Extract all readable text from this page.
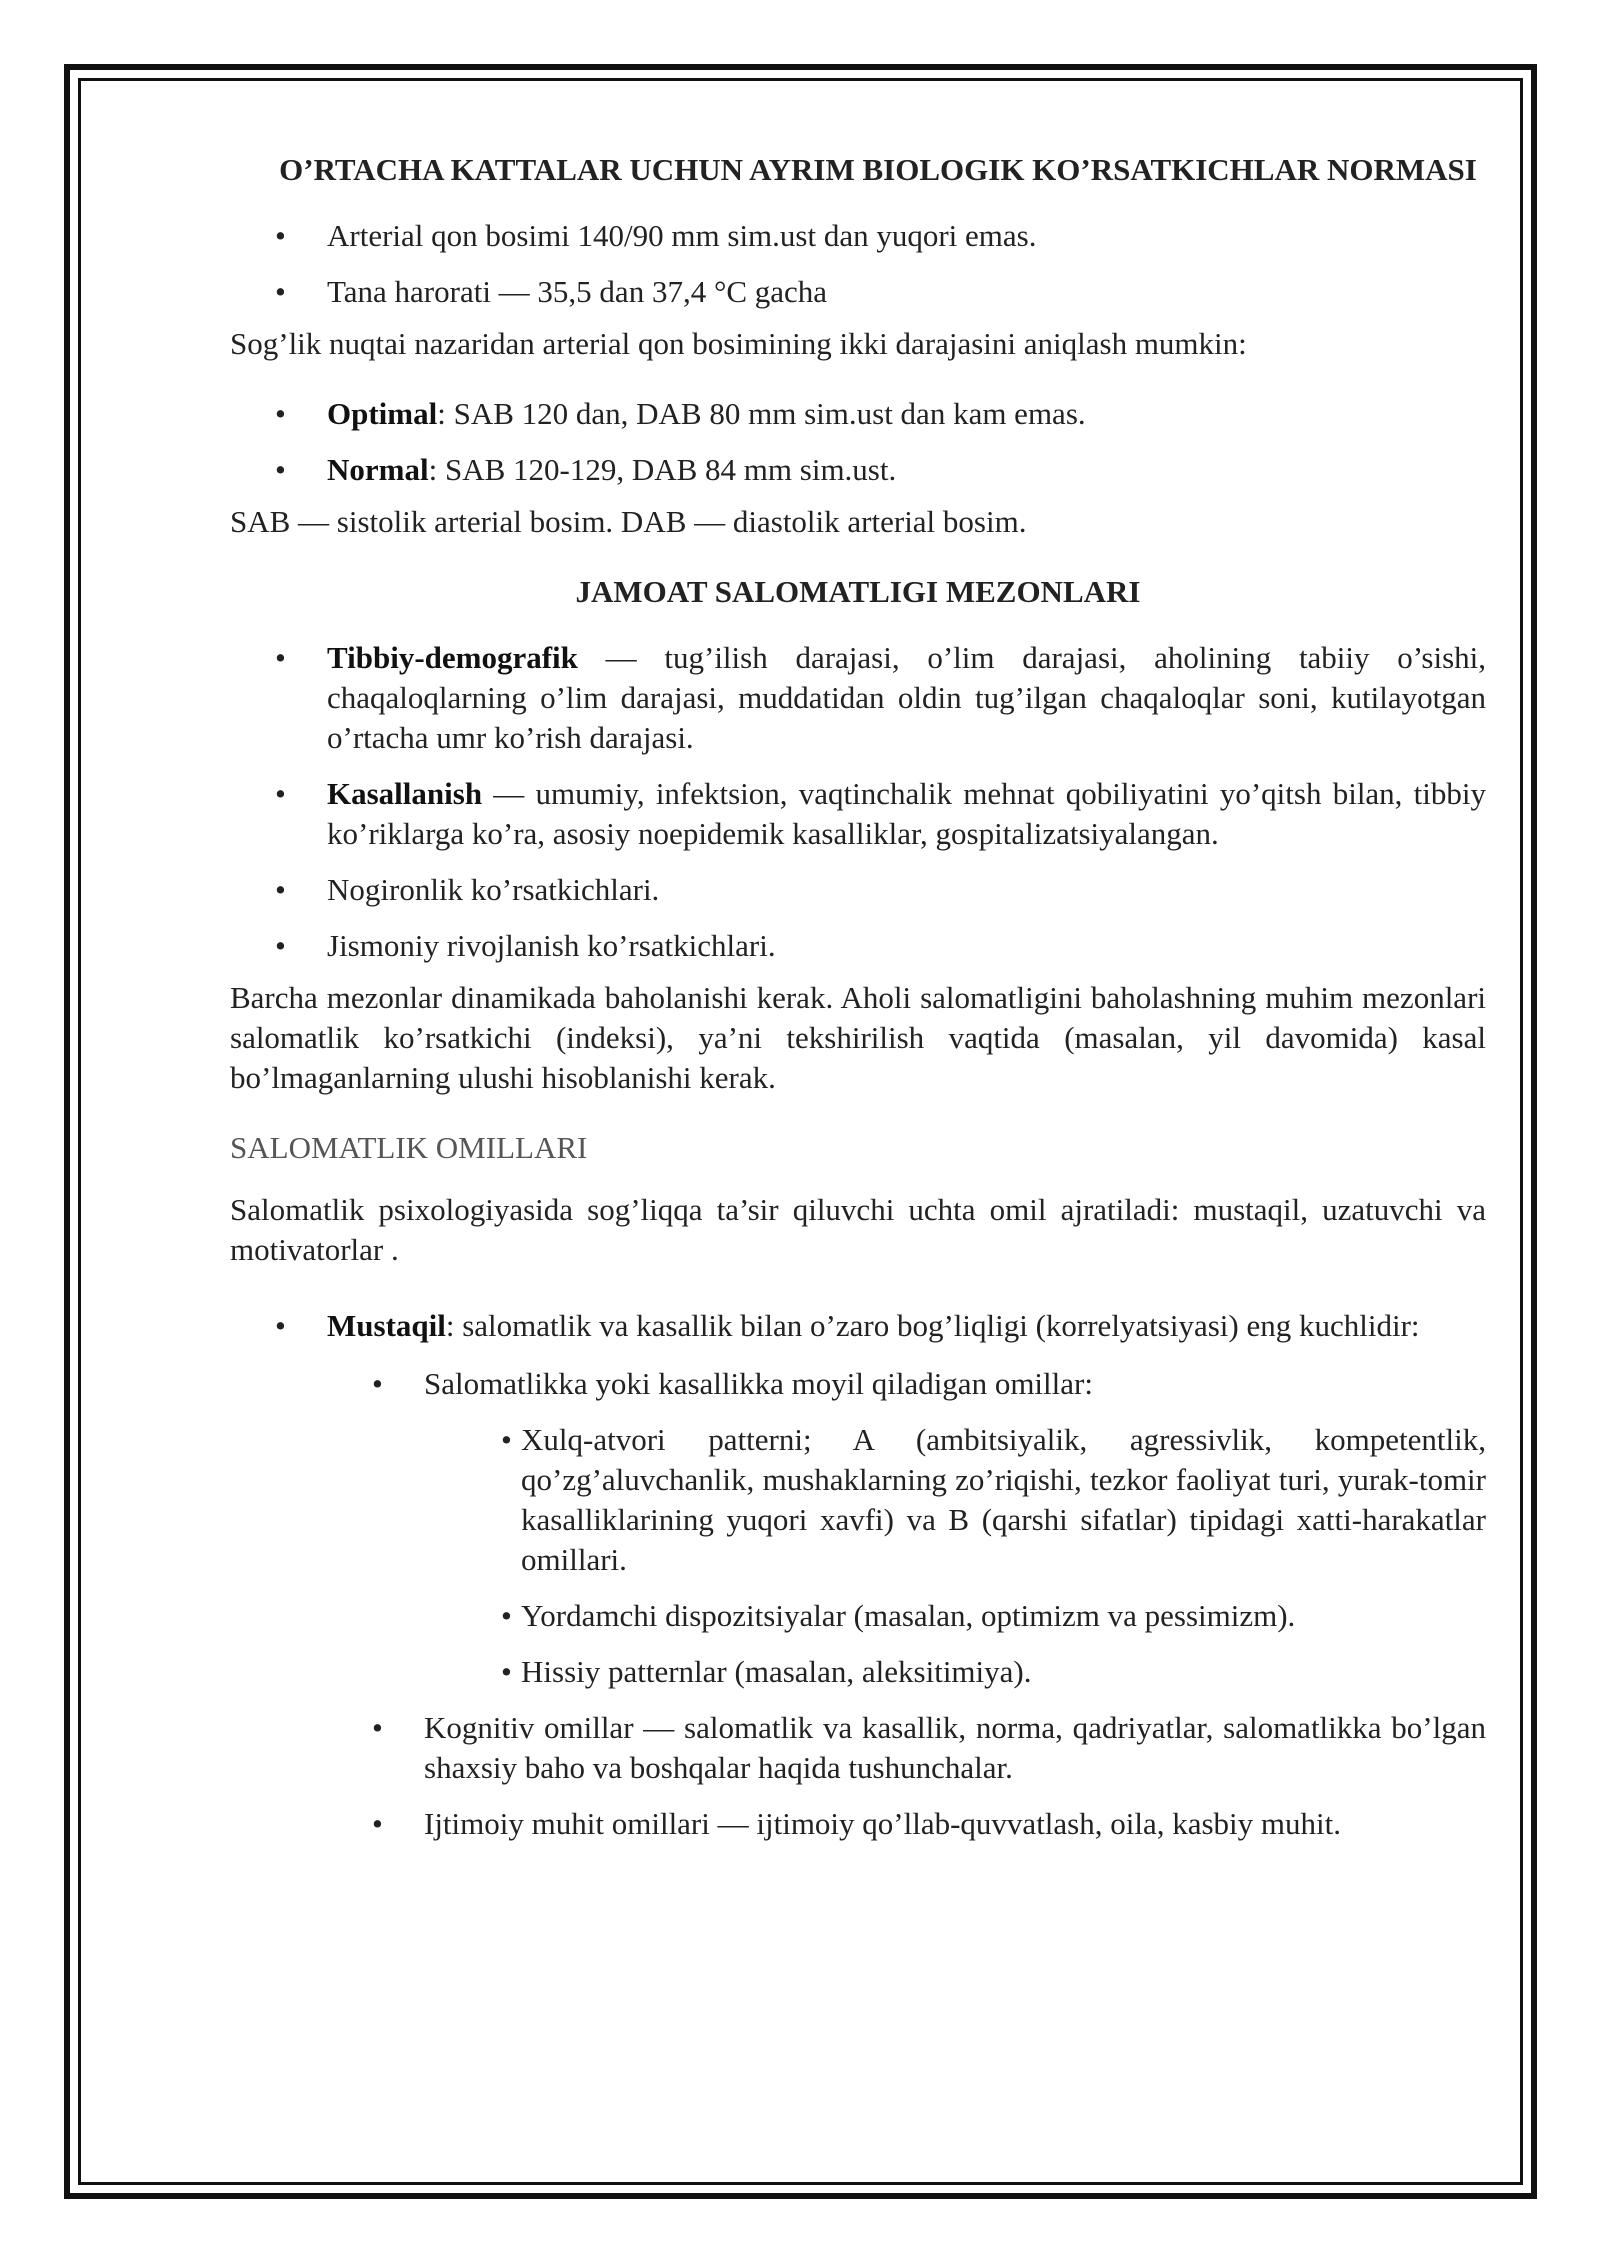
O’RTACHA KATTALAR UCHUN AYRIM BIOLOGIK KO’RSATKICHLAR NORMASI
• Arterial qon bosimi 140/90 mm sim.ust dan yuqori emas.
• Tana harorati — 35,5 dan 37,4 °C gacha

Sog’lik nuqtai nazaridan arterial qon bosimining ikki darajasini aniqlash mumkin:

• Optimal: SAB 120 dan, DAB 80 mm sim.ust dan kam emas.
• Normal: SAB 120-129, DAB 84 mm sim.ust.

SAB — sistolik arterial bosim. DAB — diastolik arterial bosim.

JAMOAT SALOMATLIGI MEZONLARI
• Tibbiy-demografik — tug’ilish darajasi, o’lim darajasi, aholining tabiiy o’sishi, chaqaloqlarning o’lim darajasi, muddatidan oldin tug’ilgan chaqaloqlar soni, kutilayotgan o’rtacha umr ko’rish darajasi.
• Kasallanish — umumiy, infektsion, vaqtinchalik mehnat qobiliyatini yo’qitsh bilan, tibbiy ko’riklarga ko’ra, asosiy noepidemik kasalliklar, gospitalizatsiyalangan.
• Nogironlik ko’rsatkichlari.
• Jismoniy rivojlanish ko’rsatkichlari.

Barcha mezonlar dinamikada baholanishi kerak. Aholi salomatligini baholashning muhim mezonlari salomatlik ko’rsatkichi (indeksi), ya’ni tekshirilish vaqtida (masalan, yil davomida) kasal bo’lmaganlarning ulushi hisoblanishi kerak.

SALOMATLIK OMILLARI

Salomatlik psixologiyasida sog’liqqa ta’sir qiluvchi uchta omil ajratiladi: mustaqil, uzatuvchi va motivatorlar .

• Mustaqil: salomatlik va kasallik bilan o’zaro bog’liqligi (korrelyatsiyasi) eng kuchlidir:
• Salomatlikka yoki kasallikka moyil qiladigan omillar:
• Xulq-atvori patterni; A (ambitsiyalik, agressivlik, kompetentlik, qo’zg’aluvchanlik, mushaklarning zo’riqishi, tezkor faoliyat turi, yurak-tomir kasalliklarining yuqori xavfi) va B (qarshi sifatlar) tipidagi xatti-harakatlar omillari.
• Yordamchi dispozitsiyalar (masalan, optimizm va pessimizm).
• Hissiy patternlar (masalan, aleksitimiya).
• Kognitiv omillar — salomatlik va kasallik, norma, qadriyatlar, salomatlikka bo’lgan shaxsiy baho va boshqalar haqida tushunchalar.
• Ijtimoiy muhit omillari — ijtimoiy qo’llab-quvvatlash, oila, kasbiy muhit.
